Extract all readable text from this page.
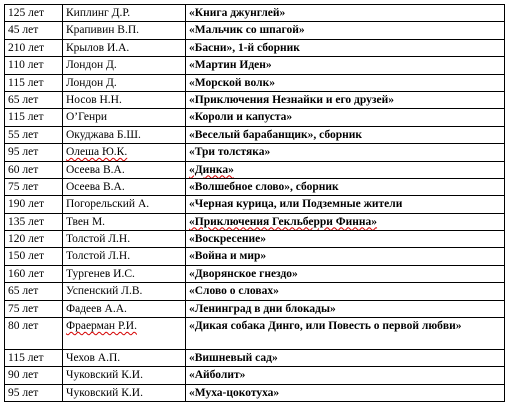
125 лет	Киплинг Д.Р.	«Книга джунглей»
45 лет	Крапивин В.П.	«Мальчик со шпагой»
210 лет	Крылов И.А.	«Басни», 1-й сборник
110 лет	Лондон Д.	«Мартин Иден»
115 лет	Лондон Д.	«Морской волк»
65 лет	Носов Н.Н.	«Приключения Незнайки и его друзей»
115 лет	О’Генри	«Короли и капуста»
55 лет	Окуджава Б.Ш.	«Веселый барабанщик», сборник
95 лет	Олеша Ю.К.	«Три толстяка»
60 лет	Осеева В.А.	«Динка»
75 лет	Осеева В.А.	«Волшебное слово», сборник
190 лет	Погорельский А.	«Черная курица, или Подземные жители
135 лет	Твен М.	«Приключения Гекльберри Финна»
120 лет	Толстой Л.Н.	«Воскресение»
150 лет	Толстой Л.Н.	«Война и мир»
160 лет	Тургенев И.С.	«Дворянское гнездо»
65 лет	Успенский Л.В.	«Слово о словах»
75 лет	Фадеев А.А.	«Ленинград в дни блокады»
80 лет	Фраерман Р.И.	«Дикая собака Динго, или Повесть о первой любви»
115 лет	Чехов А.П.	«Вишневый сад»
90 лет	Чуковский К.И.	«Айболит»
95 лет	Чуковский К.И.	«Муха-цокотуха»
